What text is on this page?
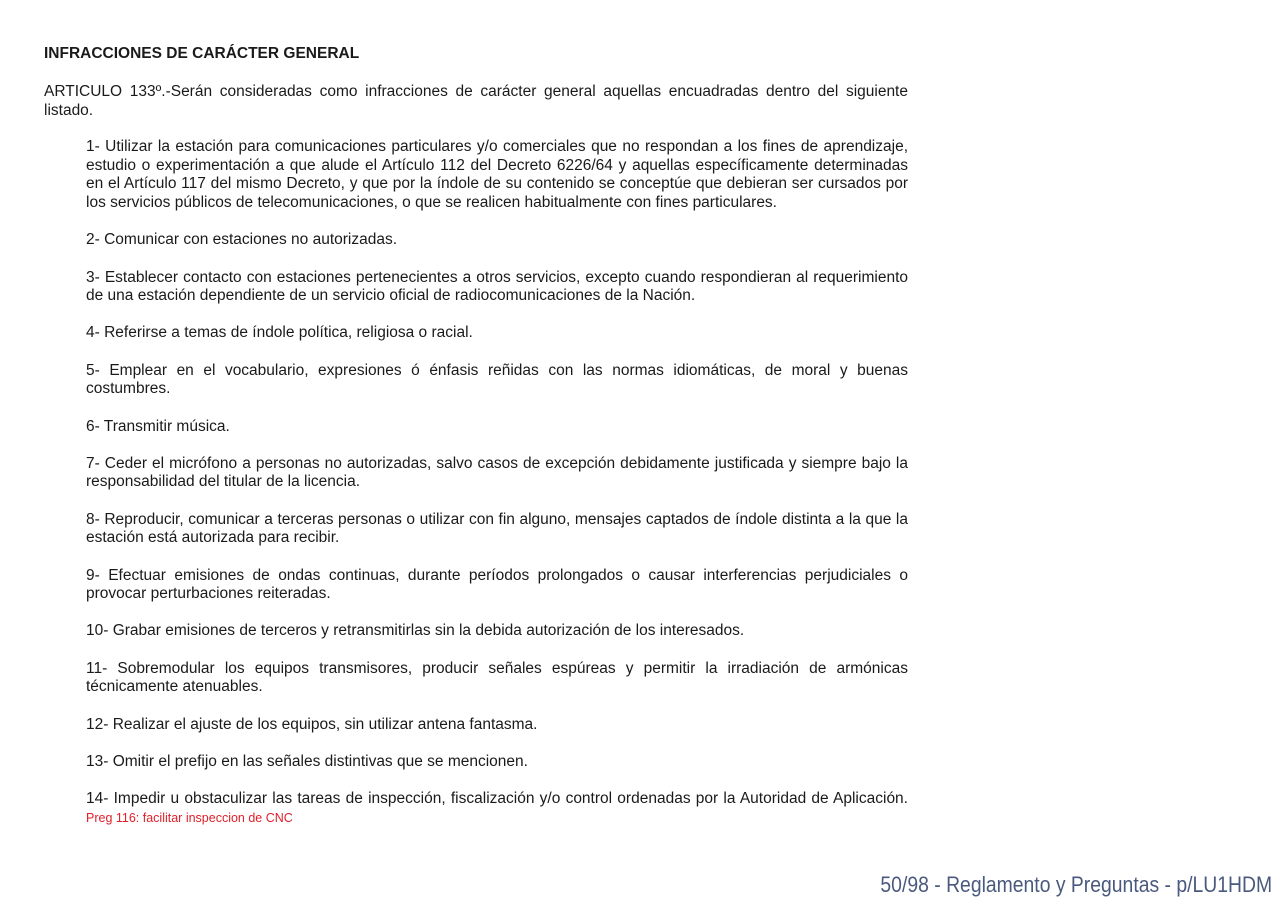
INFRACCIONES DE CARÁCTER GENERAL

ARTICULO 133º.-Serán consideradas como infracciones de carácter general aquellas encuadradas dentro del siguiente listado.

1- Utilizar la estación para comunicaciones particulares y/o comerciales que no respondan a los fines de aprendizaje, estudio o experimentación a que alude el Artículo 112 del Decreto 6226/64 y aquellas específicamente determinadas en el Artículo 117 del mismo Decreto, y que por la índole de su contenido se conceptúe que debieran ser cursados por los servicios públicos de telecomunicaciones, o que se realicen habitualmente con fines particulares.
2- Comunicar con estaciones no autorizadas.
3- Establecer contacto con estaciones pertenecientes a otros servicios, excepto cuando respondieran al requerimiento de una estación dependiente de un servicio oficial de radiocomunicaciones de la Nación.
4- Referirse a temas de índole política, religiosa o racial.
5- Emplear en el vocabulario, expresiones ó énfasis reñidas con las normas idiomáticas, de moral y buenas costumbres.
6- Transmitir música.
7- Ceder el micrófono a personas no autorizadas, salvo casos de excepción debidamente justificada y siempre bajo la responsabilidad del titular de la licencia.
8- Reproducir, comunicar a terceras personas o utilizar con fin alguno, mensajes captados de índole distinta a la que la estación está autorizada para recibir.
9- Efectuar emisiones de ondas continuas, durante períodos prolongados o causar interferencias perjudiciales o provocar perturbaciones reiteradas.
10- Grabar emisiones de terceros y retransmitirlas sin la debida autorización de los interesados.
11- Sobremodular los equipos transmisores, producir señales espúreas y permitir la irradiación de armónicas técnicamente atenuables.
12- Realizar el ajuste de los equipos, sin utilizar antena fantasma.
13- Omitir el prefijo en las señales distintivas que se mencionen.
14- Impedir u obstaculizar las tareas de inspección, fiscalización y/o control ordenadas por la Autoridad de Aplicación. Preg 116: facilitar inspeccion de CNC
50/98 - Reglamento y Preguntas - p/LU1HDM
